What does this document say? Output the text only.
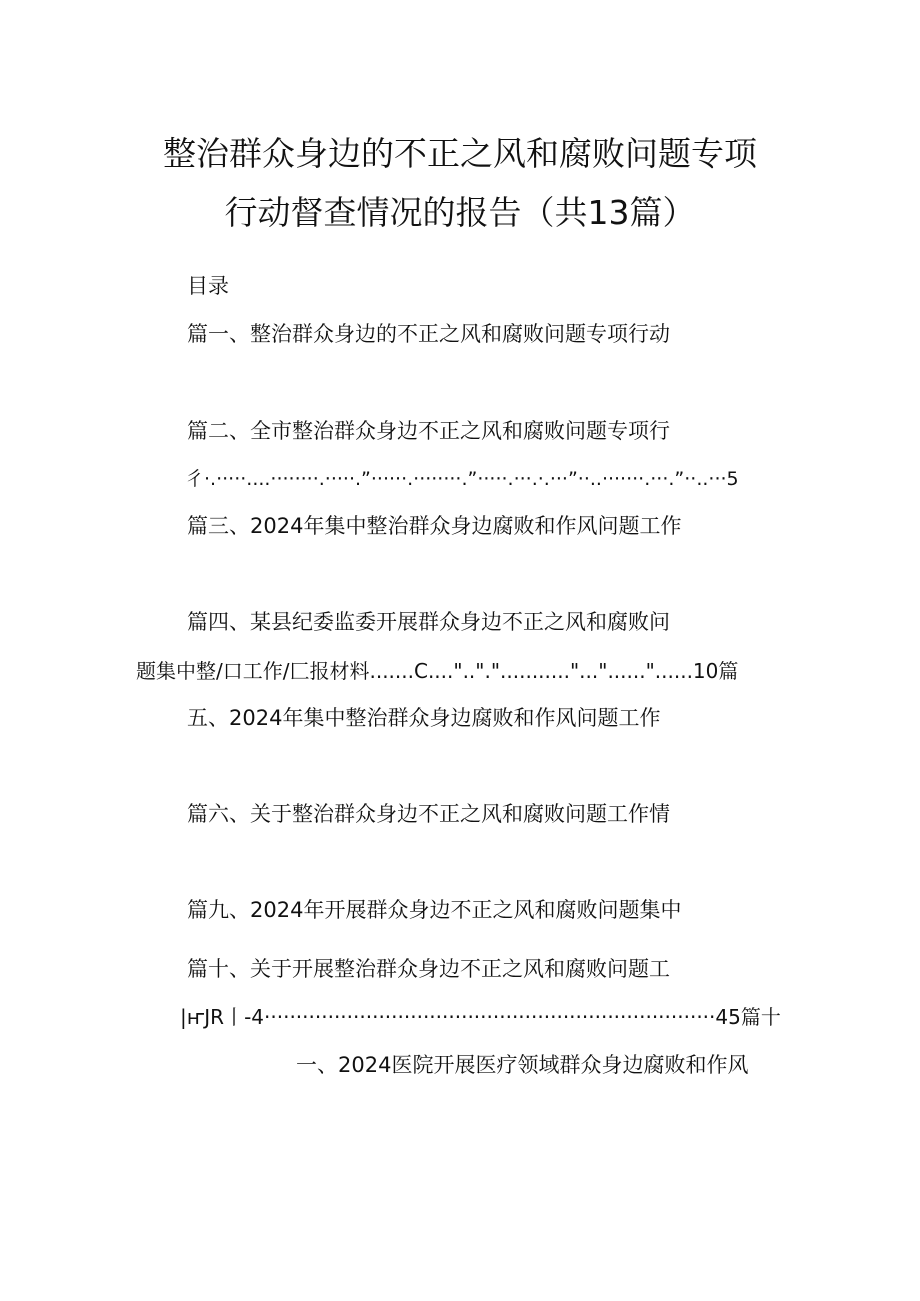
整治群众身边的不正之风和腐败问题专项
行动督查情况的报告（共13篇）
目录
篇一、整治群众身边的不正之风和腐败问题专项行动
篇二、全市整治群众身边不正之风和腐败问题专项行
彳·.·····....········.·····.”······.········.”·····.···.·.···”··..·······.···.”··..···5
篇三、2024年集中整治群众身边腐败和作风问题工作
篇四、某县纪委监委开展群众身边不正之风和腐败问
题集中整/口工作/匚报材料.......C....".."."..........."..."......"......10篇
五、2024年集中整治群众身边腐败和作风问题工作
篇六、关于整治群众身边不正之风和腐败问题工作情
篇九、2024年开展群众身边不正之风和腐败问题集中
篇十、关于开展整治群众身边不正之风和腐败问题工
|ҥJR丨-4·······································································45篇十
一、2024医院开展医疗领域群众身边腐败和作风
